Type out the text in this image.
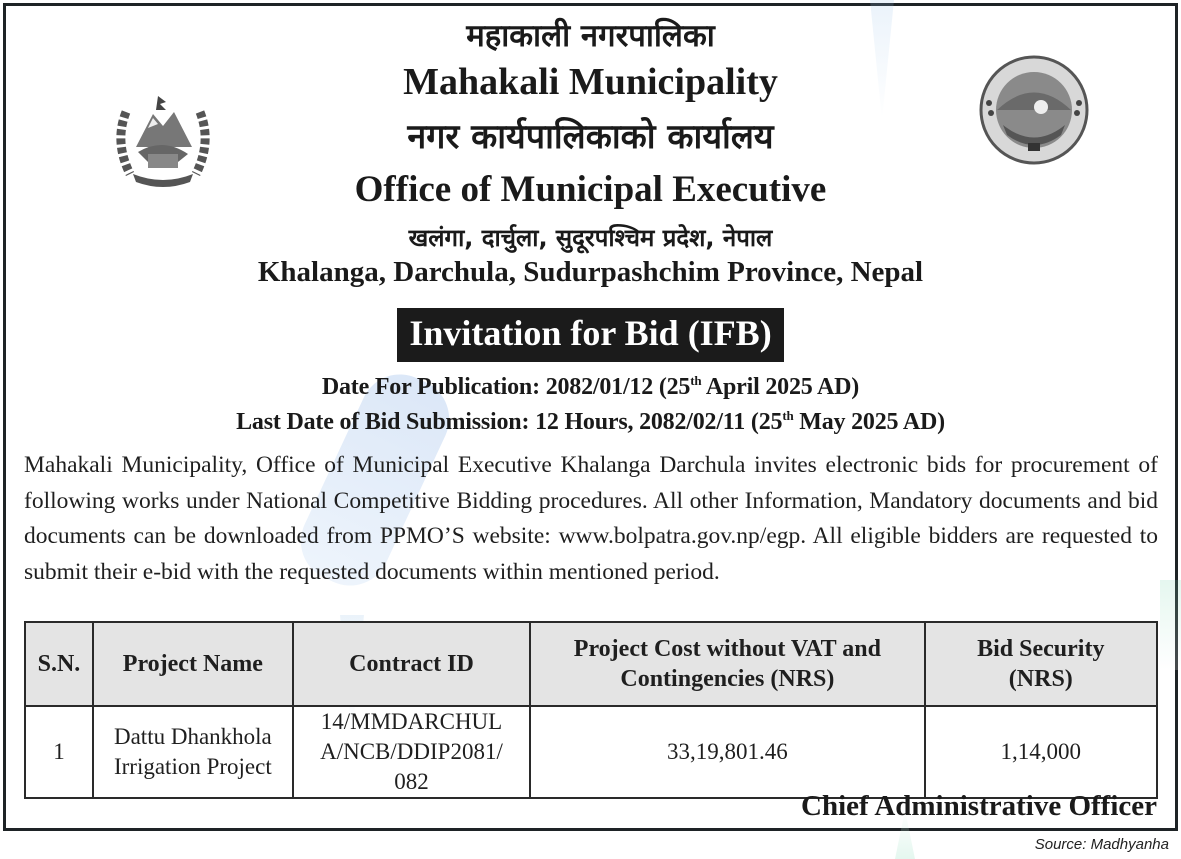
महाकाली नगरपालिका
Mahakali Municipality
नगर कार्यपालिकाको कार्यालय
Office of Municipal Executive
खलंगा, दार्चुला, सुदूरपश्चिम प्रदेश, नेपाल
Khalanga, Darchula, Sudurpashchim Province, Nepal
Invitation for Bid (IFB)
Date For Publication: 2082/01/12 (25th April 2025 AD)
Last Date of Bid Submission: 12 Hours, 2082/02/11 (25th May 2025 AD)
Mahakali Municipality, Office of Municipal Executive Khalanga Darchula invites electronic bids for procurement of following works under National Competitive Bidding procedures. All other Information, Mandatory documents and bid documents can be downloaded from PPMO’S website: www.bolpatra.gov.np/egp. All eligible bidders are requested to submit their e-bid with the requested documents within mentioned period.
S.N.	Project Name	Contract ID	Project Cost without VAT and Contingencies (NRS)	Bid Security (NRS)
1	Dattu Dhankhola Irrigation Project	14/MMDARCHULA/NCB/DDIP2081/082	33,19,801.46	1,14,000
Chief Administrative Officer
Source: Madhyanha
